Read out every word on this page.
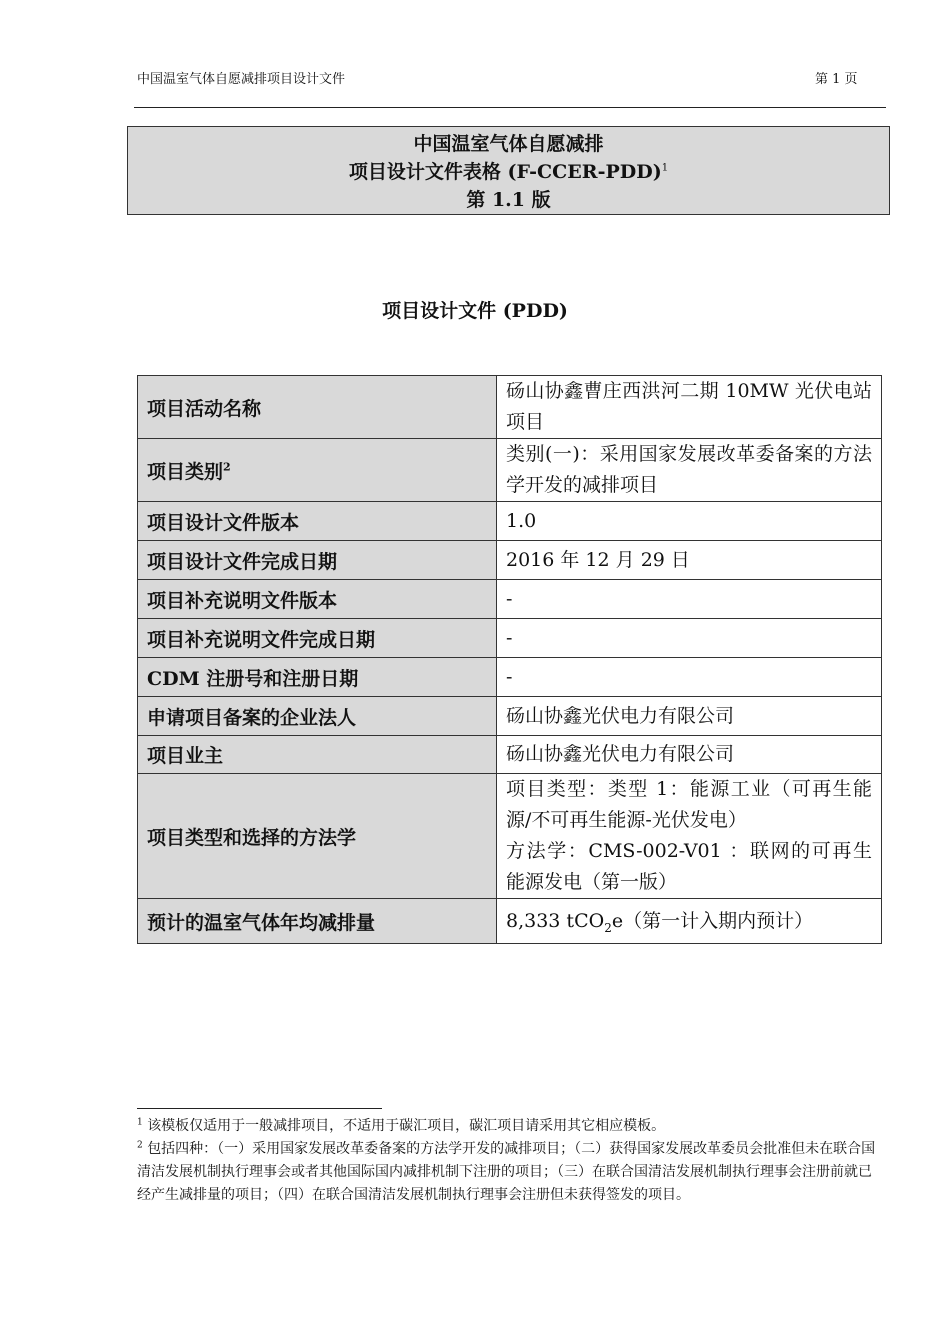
中国温室气体自愿减排项目设计文件	第 1 页
中国温室气体自愿减排
项目设计文件表格 (F-CCER-PDD)$^1$
第 1.1 版
项目设计文件 (PDD)
项目活动名称	砀山协鑫曹庄西洪河二期 10MW 光伏电站项目
项目类别$^2$	类别(一)：采用国家发展改革委备案的方法学开发的减排项目
项目设计文件版本	1.0
项目设计文件完成日期	2016 年 12 月 29 日
项目补充说明文件版本	-
项目补充说明文件完成日期	-
CDM 注册号和注册日期	-
申请项目备案的企业法人	砀山协鑫光伏电力有限公司
项目业主	砀山协鑫光伏电力有限公司
项目类型和选择的方法学	项目类型：类型 1：能源工业（可再生能源/不可再生能源-光伏发电）
方法学：CMS-002-V01 ：联网的可再生能源发电（第一版）

预计的温室气体年均减排量	8,333 tCO$_2$e（第一计入期内预计）

$^1$ 该模板仅适用于一般减排项目，不适用于碳汇项目，碳汇项目请采用其它相应模板。

$^2$ 包括四种：（一）采用国家发展改革委备案的方法学开发的减排项目；（二）获得国家发展改革委员会批准但未在联合国清洁发展机制执行理事会或者其他国际国内减排机制下注册的项目；（三）在联合国清洁发展机制执行理事会注册前就已经产生减排量的项目；（四）在联合国清洁发展机制执行理事会注册但未获得签发的项目。
